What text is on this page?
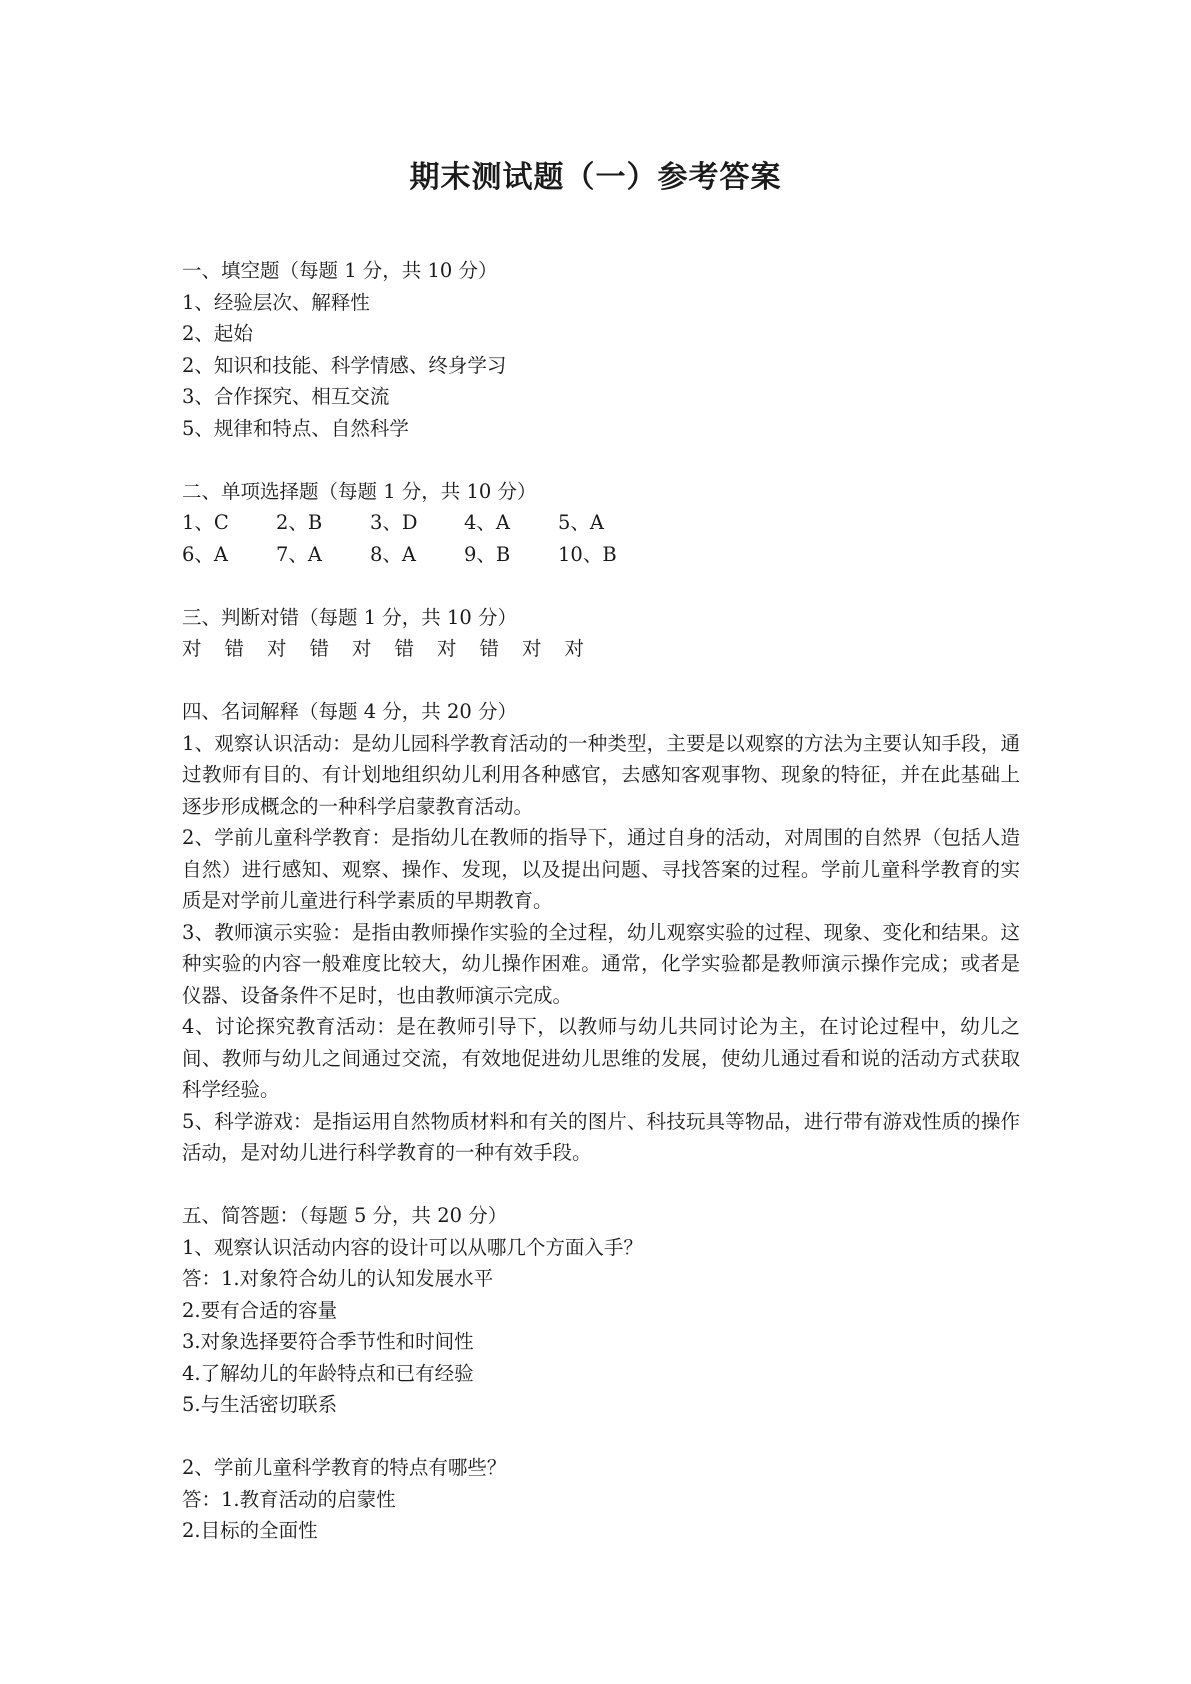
期末测试题（一）参考答案
一、填空题（每题 1 分，共 10 分）
1、经验层次、解释性
2、起始
2、知识和技能、科学情感、终身学习
3、合作探究、相互交流
5、规律和特点、自然科学
二、单项选择题（每题 1 分，共 10 分）
1、C	2、B	3、D	4、A	5、A
6、A	7、A	8、A	9、B	10、B
三、判断对错（每题 1 分，共 10 分）
对	错	对	错	对	错	对	错	对	对
四、名词解释（每题 4 分，共 20 分）
1、观察认识活动：是幼儿园科学教育活动的一种类型，主要是以观察的方法为主要认知手段，通过教师有目的、有计划地组织幼儿利用各种感官，去感知客观事物、现象的特征，并在此基础上逐步形成概念的一种科学启蒙教育活动。
2、学前儿童科学教育：是指幼儿在教师的指导下，通过自身的活动，对周围的自然界（包括人造自然）进行感知、观察、操作、发现，以及提出问题、寻找答案的过程。学前儿童科学教育的实质是对学前儿童进行科学素质的早期教育。
3、教师演示实验：是指由教师操作实验的全过程，幼儿观察实验的过程、现象、变化和结果。这种实验的内容一般难度比较大，幼儿操作困难。通常，化学实验都是教师演示操作完成；或者是仪器、设备条件不足时，也由教师演示完成。
4、讨论探究教育活动：是在教师引导下，以教师与幼儿共同讨论为主，在讨论过程中，幼儿之间、教师与幼儿之间通过交流，有效地促进幼儿思维的发展，使幼儿通过看和说的活动方式获取科学经验。
5、科学游戏：是指运用自然物质材料和有关的图片、科技玩具等物品，进行带有游戏性质的操作活动，是对幼儿进行科学教育的一种有效手段。
五、简答题：（每题 5 分，共 20 分）
1、观察认识活动内容的设计可以从哪几个方面入手？
答：1.对象符合幼儿的认知发展水平
2.要有合适的容量
3.对象选择要符合季节性和时间性
4.了解幼儿的年龄特点和已有经验
5.与生活密切联系
2、学前儿童科学教育的特点有哪些？
答：1.教育活动的启蒙性
2.目标的全面性
